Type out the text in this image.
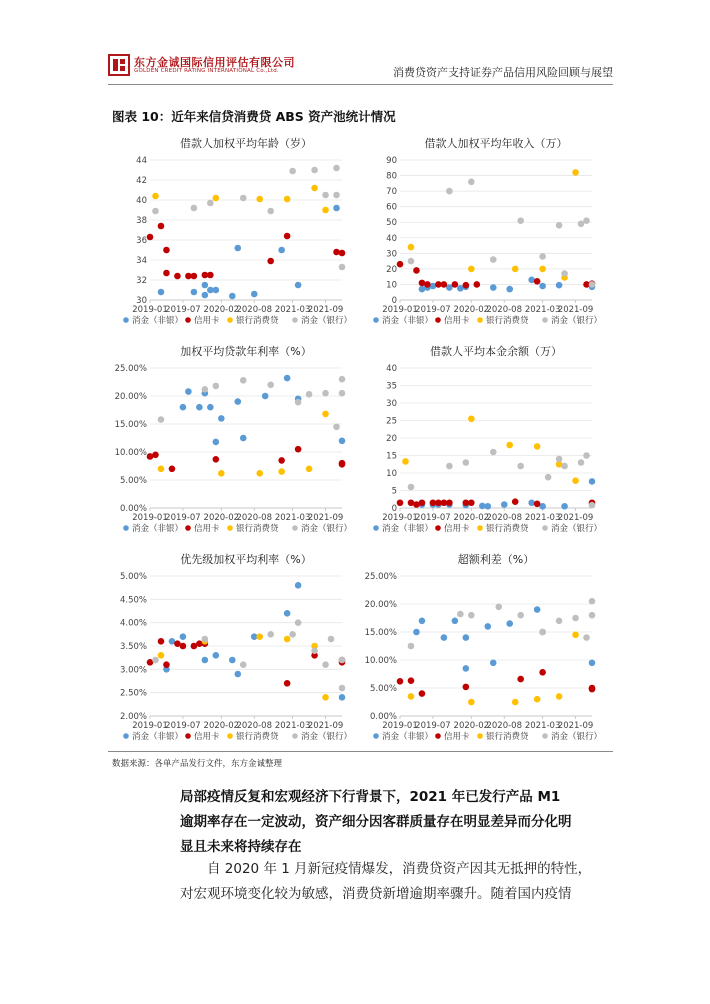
东方金诚国际信用评估有限公司
GOLDEN CREDIT RATING INTERNATIONAL Co.,Ltd.	消费贷资产支持证券产品信用风险回顾与展望
图表 10：近年来信贷消费贷 ABS 资产池统计情况
借款人加权平均年龄（岁）
30
32
34
36
38
40
42
44
2019-01
2019-07 2020-02
2020-08 2021-03
2021-09
消金（非银） 信用卡 银行消费贷	消金（银行）
借款人加权平均年收入（万）
0
10
20
30
40
50
60
70
80
90
2019-01
2019-07 2020-02
2020-08 2021-03
2021-09
消金（非银） 信用卡 银行消费贷	消金（银行）
加权平均贷款年利率（%）
0.00%
5.00%
10.00%
15.00%
20.00%
25.00%
2019-01
2019-07 2020-02
2020-08 2021-03
2021-09
消金（非银） 信用卡 银行消费贷	消金（银行）
借款人平均本金余额（万）
0
5
10
15
20
25
30
35
40
2019-01
2019-07 2020-02
2020-08 2021-03
2021-09
消金（非银） 信用卡 银行消费贷	消金（银行）
优先级加权平均利率（%）
2.00%
2.50%
3.00%
3.50%
4.00%
4.50%
5.00%
2019-01
2019-07 2020-02
2020-08 2021-03
2021-09
消金（非银） 信用卡 银行消费贷	消金（银行）
超额利差（%）
0.00%
5.00%
10.00%
15.00%
20.00%
25.00%
2019-01
2019-07 2020-02
2020-08 2021-03
2021-09
消金（非银） 信用卡 银行消费贷	消金（银行）
数据来源：各单产品发行文件，东方金诚整理
局部疫情反复和宏观经济下行背景下，2021 年已发行产品 M1
逾期率存在一定波动，资产细分因客群质量存在明显差异而分化明
显且未来将持续存在
自 2020 年 1 月新冠疫情爆发，消费贷资产因其无抵押的特性，
对宏观环境变化较为敏感，消费贷新增逾期率骤升。随着国内疫情
